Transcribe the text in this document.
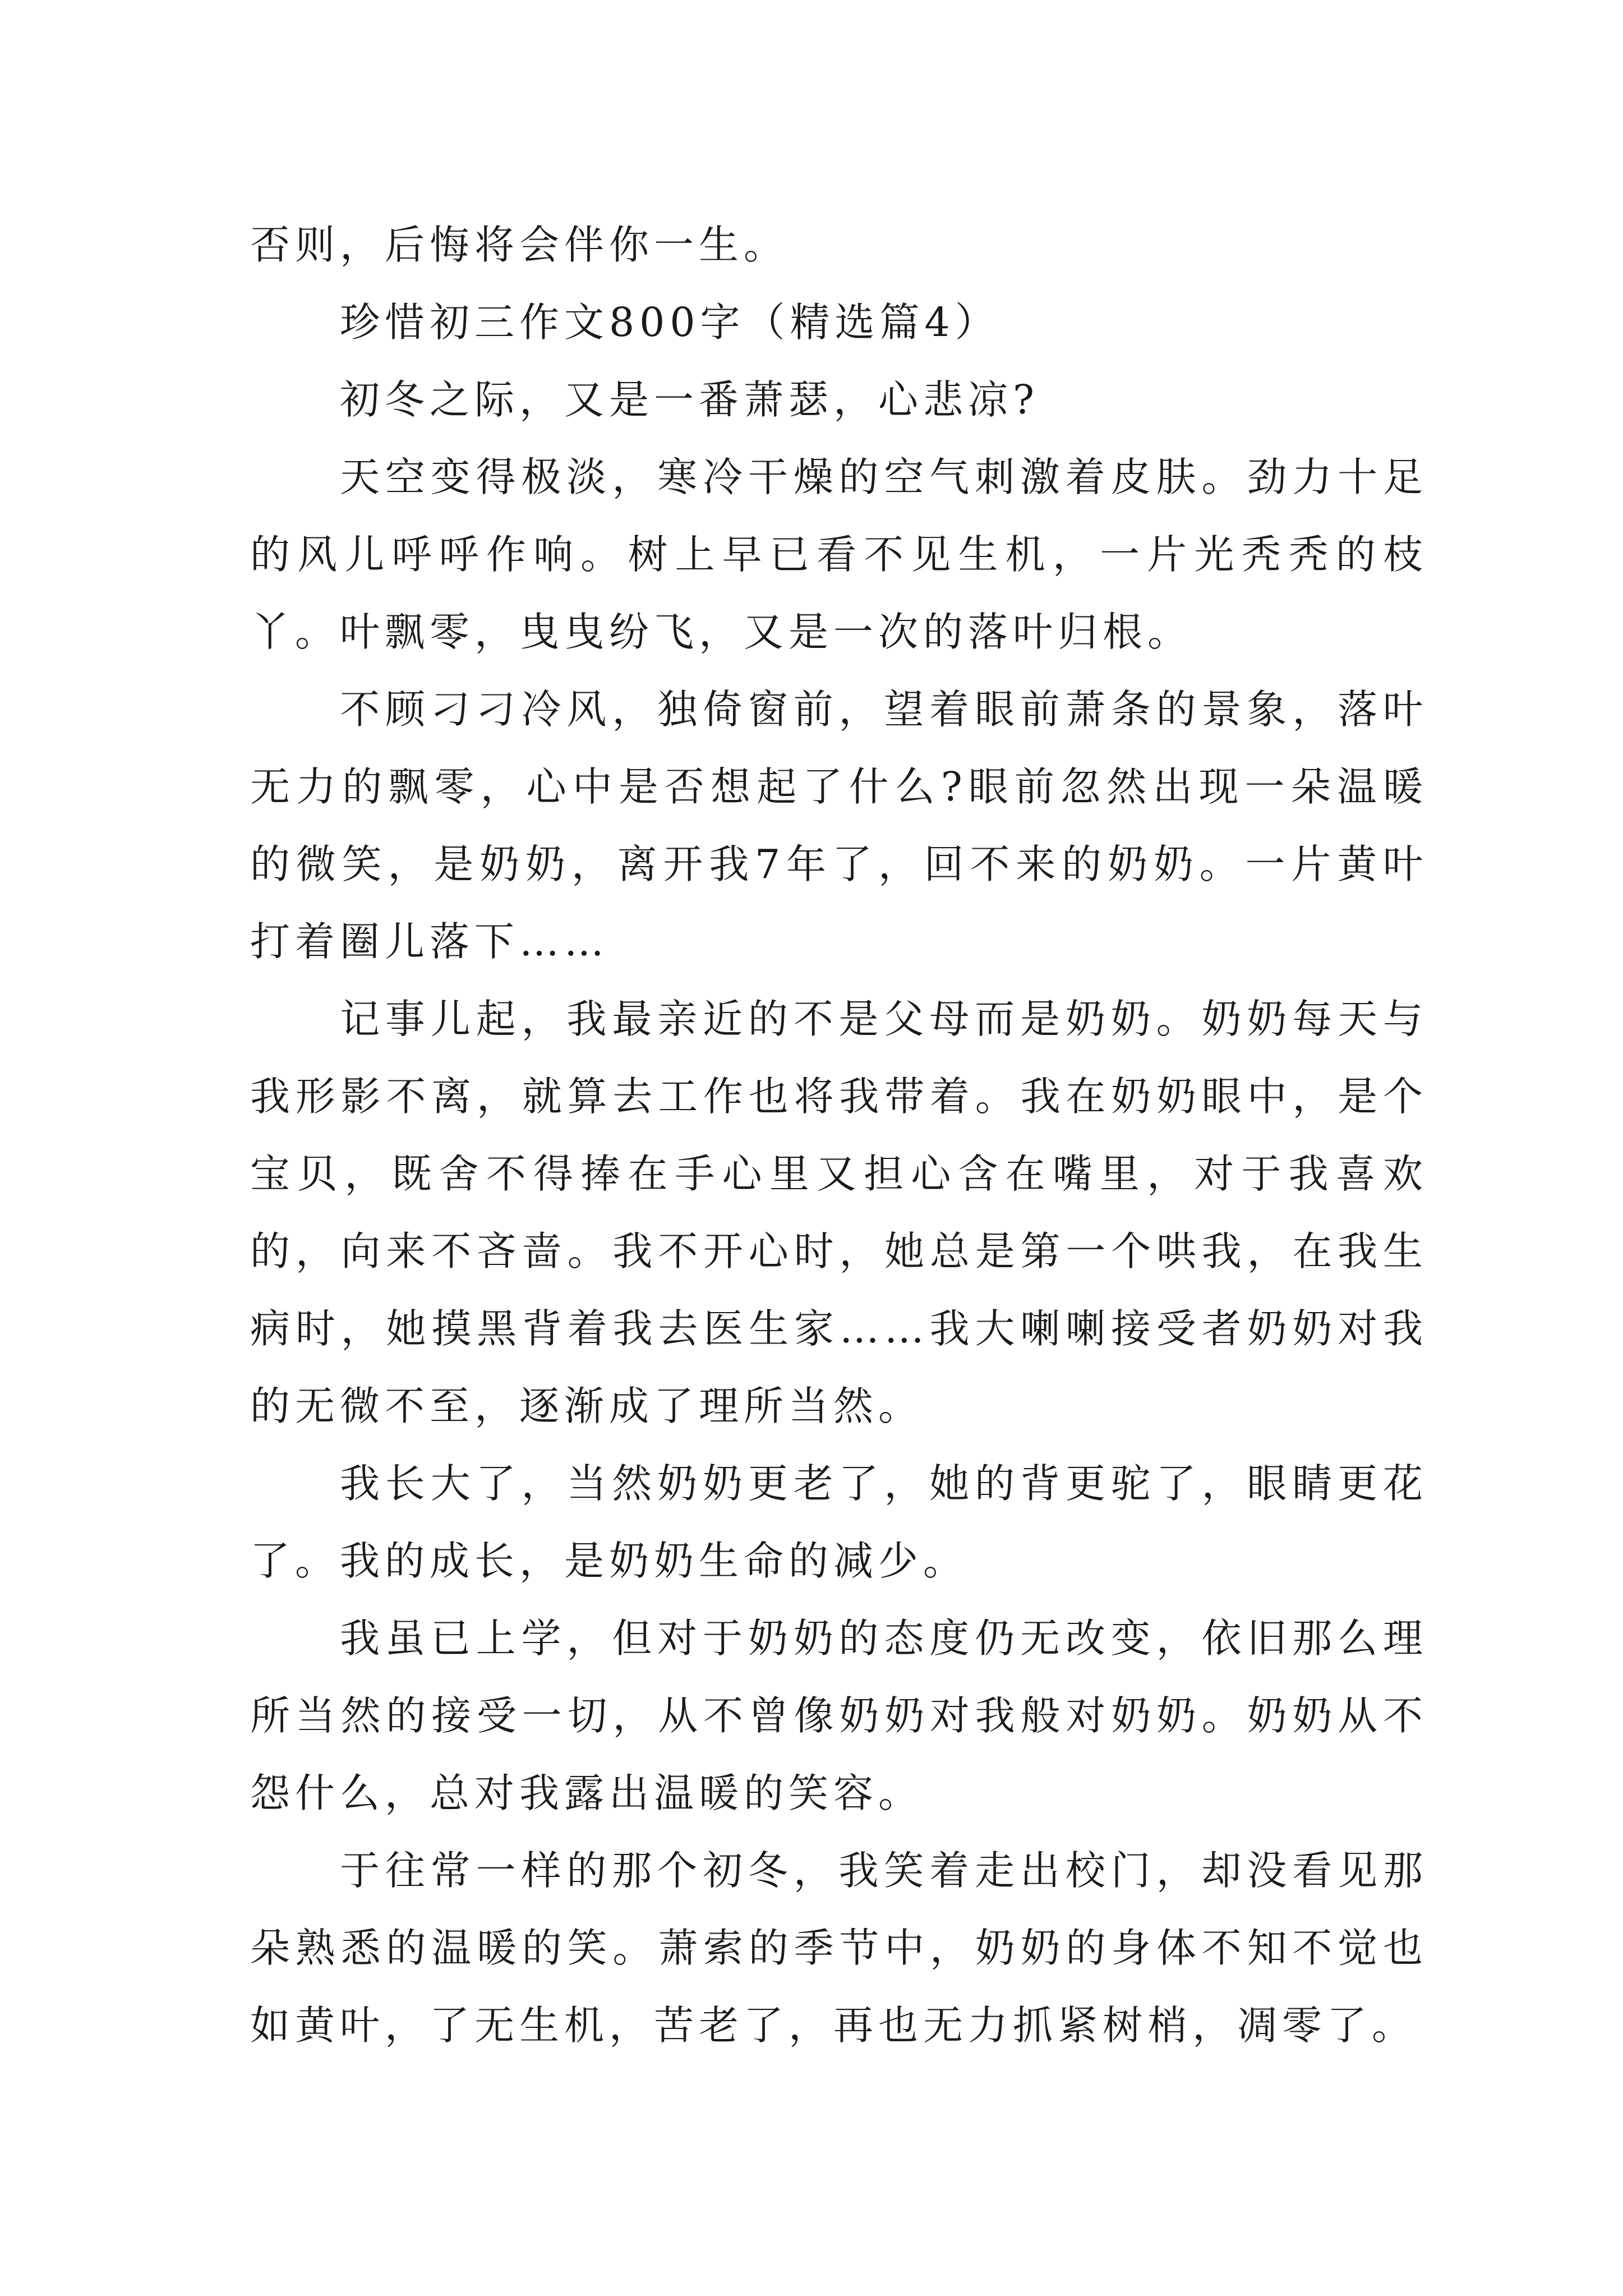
否则，后悔将会伴你一生。

珍惜初三作文800字（精选篇4）

初冬之际，又是一番萧瑟，心悲凉?

天空变得极淡，寒冷干燥的空气刺激着皮肤。劲力十足的风儿呼呼作响。树上早已看不见生机，一片光秃秃的枝丫。叶飘零，曳曳纷飞，又是一次的落叶归根。

不顾刁刁冷风，独倚窗前，望着眼前萧条的景象，落叶无力的飘零，心中是否想起了什么?眼前忽然出现一朵温暖的微笑，是奶奶，离开我7年了，回不来的奶奶。一片黄叶打着圈儿落下……

记事儿起，我最亲近的不是父母而是奶奶。奶奶每天与我形影不离，就算去工作也将我带着。我在奶奶眼中，是个宝贝，既舍不得捧在手心里又担心含在嘴里，对于我喜欢的，向来不吝啬。我不开心时，她总是第一个哄我，在我生病时，她摸黑背着我去医生家……我大喇喇接受者奶奶对我的无微不至，逐渐成了理所当然。

我长大了，当然奶奶更老了，她的背更驼了，眼睛更花了。我的成长，是奶奶生命的减少。

我虽已上学，但对于奶奶的态度仍无改变，依旧那么理所当然的接受一切，从不曾像奶奶对我般对奶奶。奶奶从不怨什么，总对我露出温暖的笑容。

于往常一样的那个初冬，我笑着走出校门，却没看见那朵熟悉的温暖的笑。萧索的季节中，奶奶的身体不知不觉也如黄叶，了无生机，苦老了，再也无力抓紧树梢，凋零了。
